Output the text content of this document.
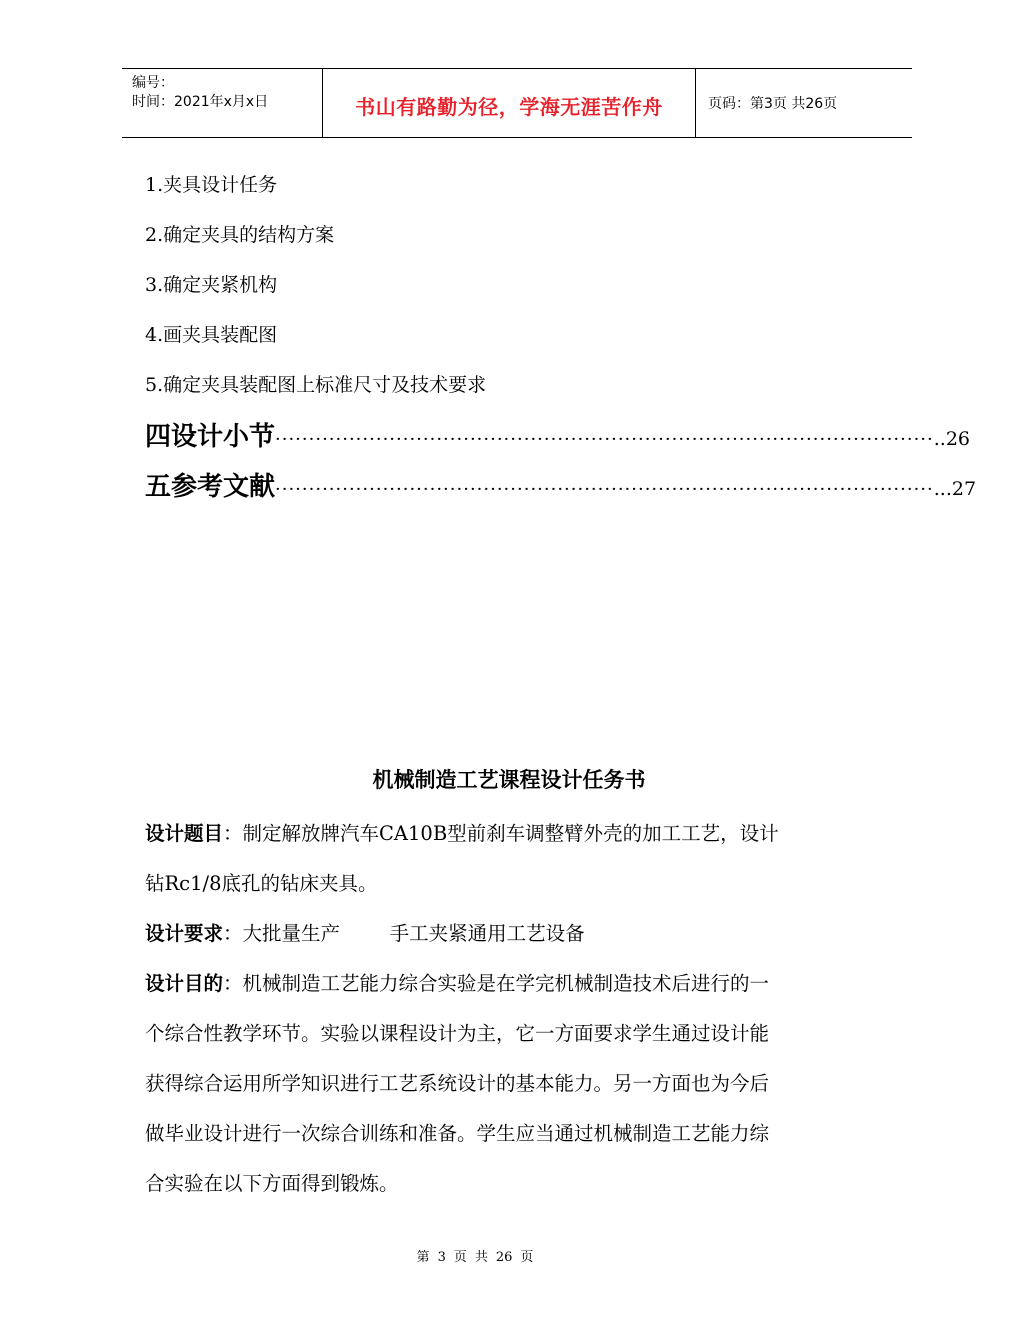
编号：
时间：2021年x月x日	书山有路勤为径，学海无涯苦作舟	页码：第3页 共26页
1.夹具设计任务
2.确定夹具的结构方案
3.确定夹紧机构
4.画夹具装配图
5.确定夹具装配图上标准尺寸及技术要求
四设计小节 ·································································································· ..26
五参考文献 ·································································································· ...27
机械制造工艺课程设计任务书
设计题目：制定解放牌汽车CA10B型前刹车调整臂外壳的加工工艺，设计
钻Rc1/8底孔的钻床夹具。
设计要求：大批量生产        手工夹紧通用工艺设备
设计目的：机械制造工艺能力综合实验是在学完机械制造技术后进行的一
个综合性教学环节。实验以课程设计为主，它一方面要求学生通过设计能
获得综合运用所学知识进行工艺系统设计的基本能力。另一方面也为今后
做毕业设计进行一次综合训练和准备。学生应当通过机械制造工艺能力综
合实验在以下方面得到锻炼。
第 3 页 共 26 页
